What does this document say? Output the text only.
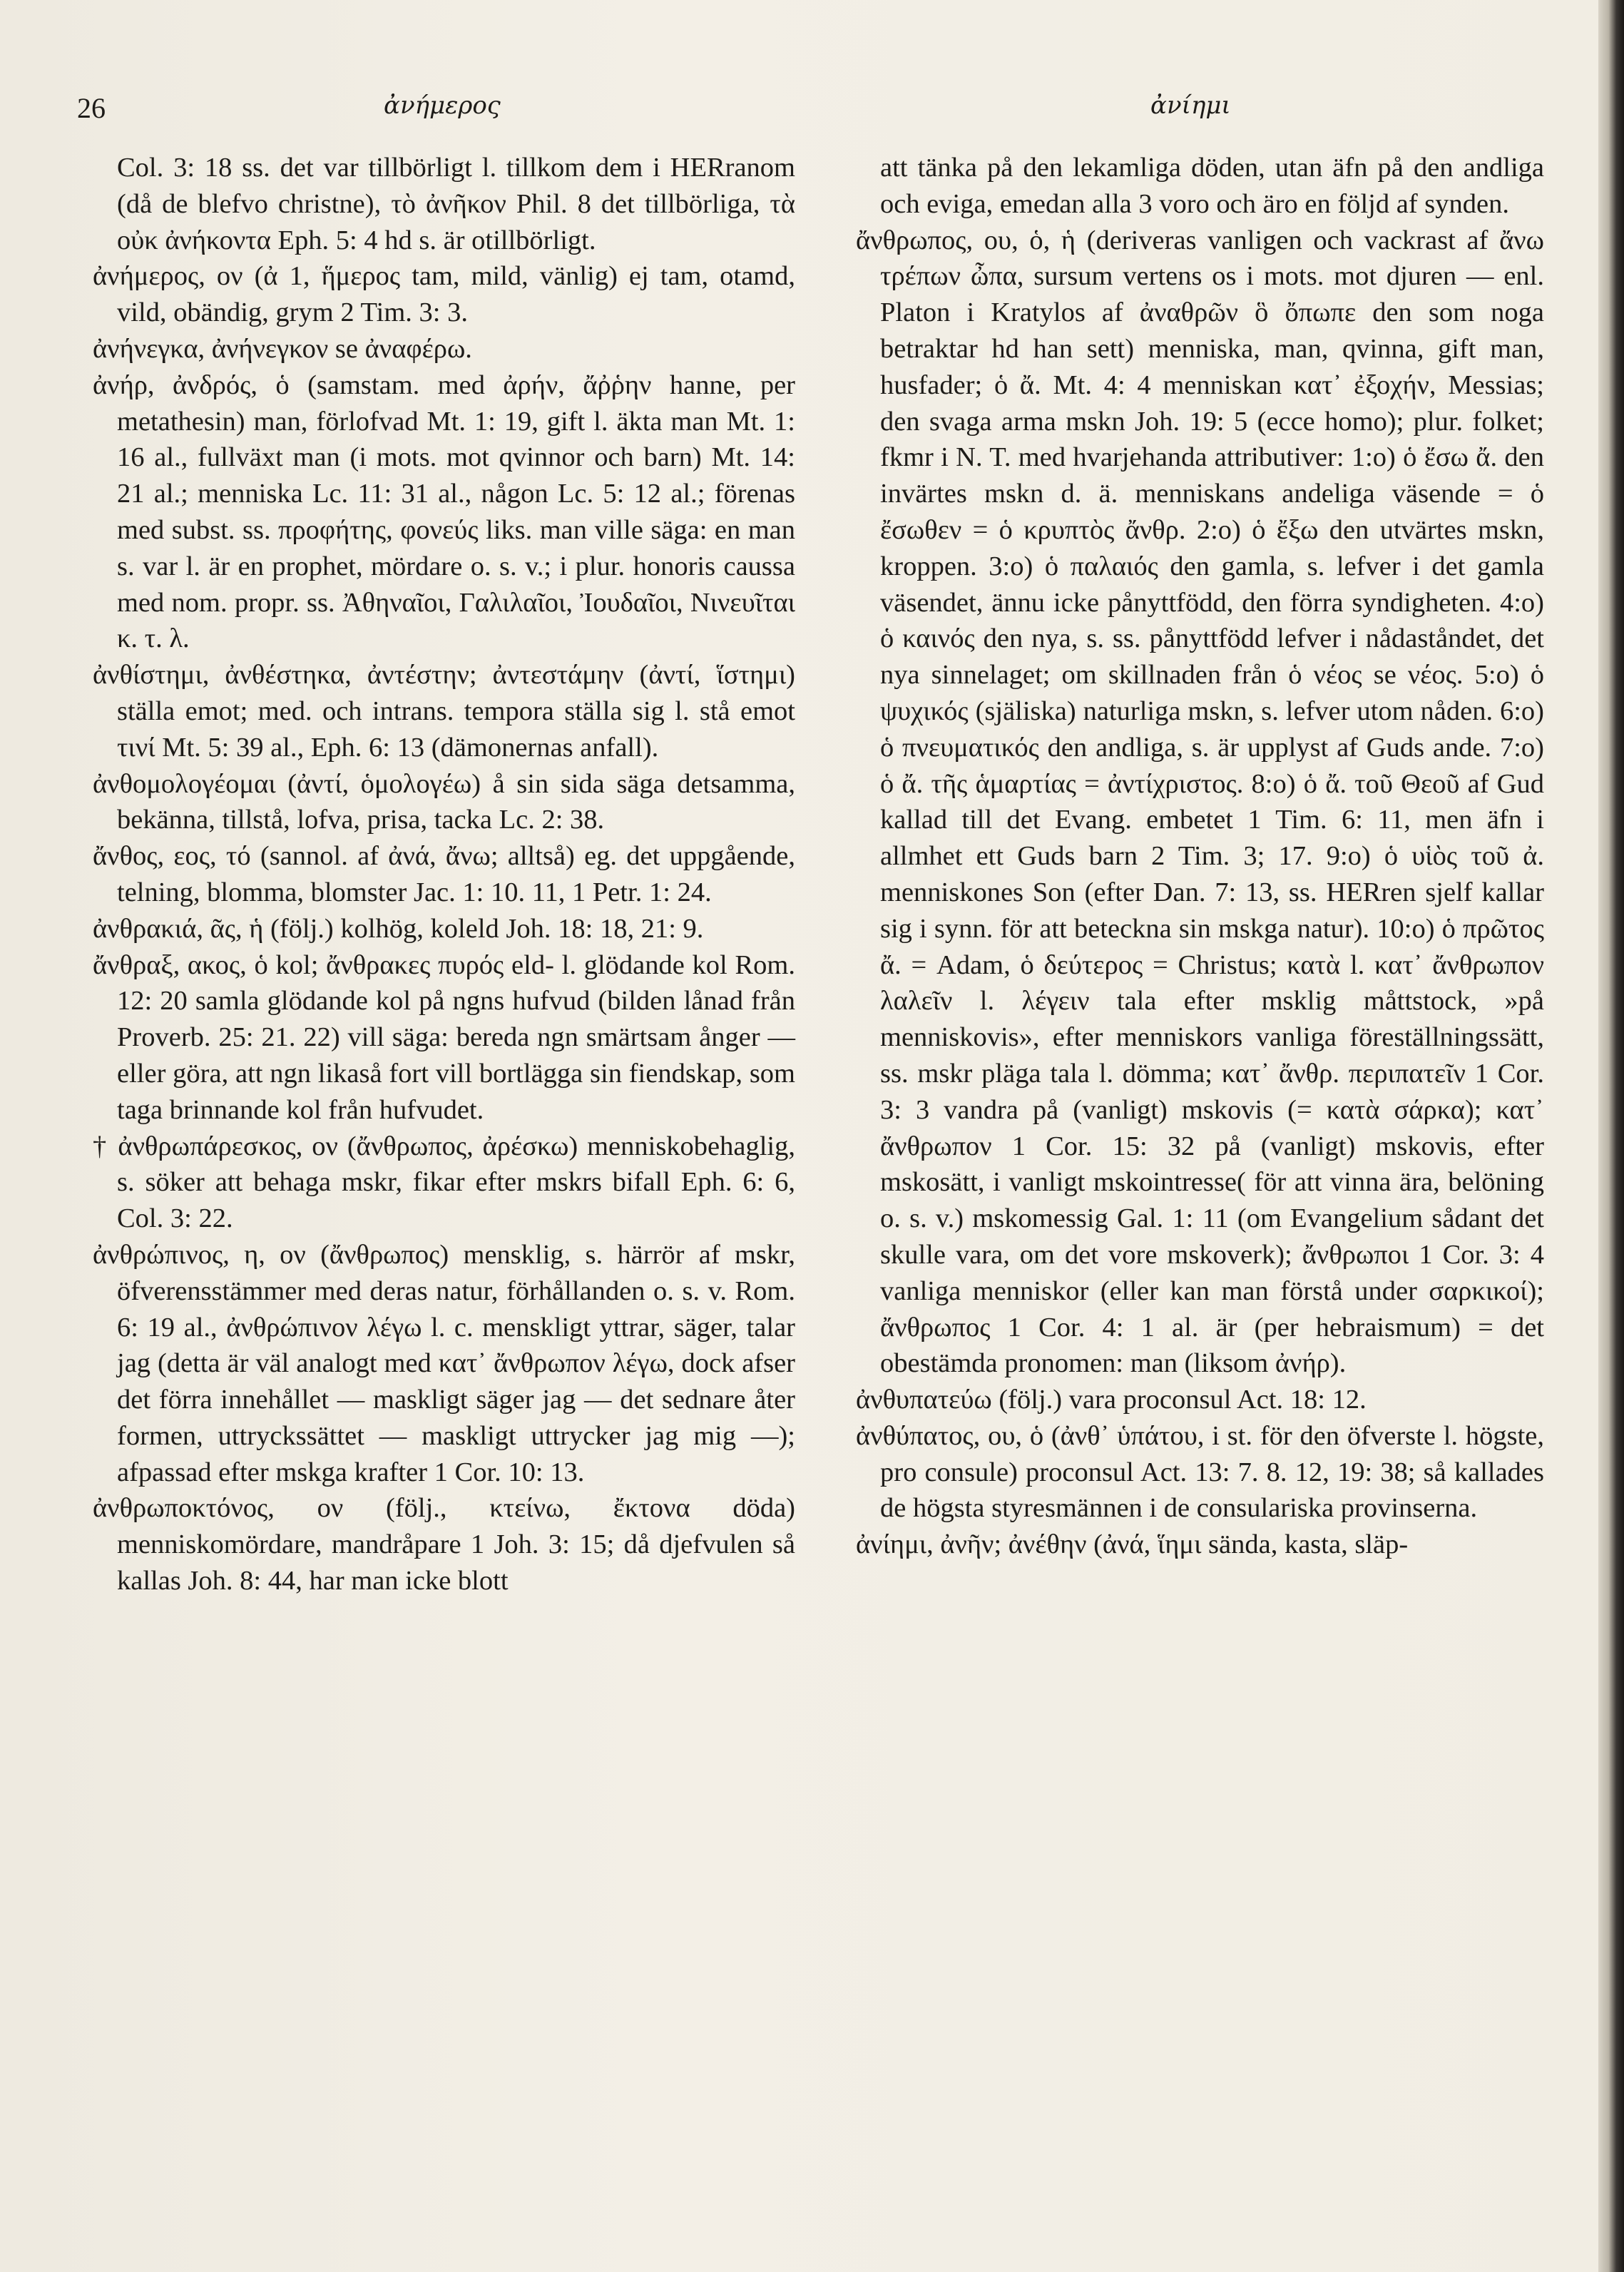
26	ἀνήμερος	ἀνίημι

Col. 3: 18 ss. det var tillbörligt l. tillkom dem i HERranom (då de blefvo christne), τὸ ἀνῆκον Phil. 8 det tillbörliga, τὰ οὐκ ἀνήκοντα Eph. 5: 4 hd s. är otillbörligt.

ἀνήμερος, ον (ἀ 1, ἥμερος tam, mild, vänlig) ej tam, otamd, vild, obändig, grym 2 Tim. 3: 3.

ἀνήνεγκα, ἀνήνεγκον se ἀναφέρω.

ἀνήρ, ἀνδρός, ὁ (samstam. med ἀρήν, ἄῤῥην hanne, per metathesin) man, förlofvad Mt. 1: 19, gift l. äkta man Mt. 1: 16 al., fullväxt man (i mots. mot qvinnor och barn) Mt. 14: 21 al.; menniska Lc. 11: 31 al., någon Lc. 5: 12 al.; förenas med subst. ss. προφήτης, φονεύς liks. man ville säga: en man s. var l. är en prophet, mördare o. s. v.; i plur. honoris caussa med nom. propr. ss. Ἀθηναῖοι, Γαλιλαῖοι, Ἰουδαῖοι, Νινευῖται κ. τ. λ.

ἀνθίστημι, ἀνθέστηκα, ἀντέστην; ἀντεστάμην (ἀντί, ἵστημι) ställa emot; med. och intrans. tempora ställa sig l. stå emot τινί Mt. 5: 39 al., Eph. 6: 13 (dämonernas anfall).

ἀνθομολογέομαι (ἀντί, ὁμολογέω) å sin sida säga detsamma, bekänna, tillstå, lofva, prisa, tacka Lc. 2: 38.

ἄνθος, εος, τό (sannol. af ἀνά, ἄνω; alltså) eg. det uppgående, telning, blomma, blomster Jac. 1: 10. 11, 1 Petr. 1: 24.

ἀνθρακιά, ᾶς, ἡ (följ.) kolhög, koleld Joh. 18: 18, 21: 9.

ἄνθραξ, ακος, ὁ kol; ἄνθρακες πυρός eld- l. glödande kol Rom. 12: 20 samla glödande kol på ngns hufvud (bilden lånad från Proverb. 25: 21. 22) vill säga: bereda ngn smärtsam ånger — eller göra, att ngn likaså fort vill bortlägga sin fiendskap, som taga brinnande kol från hufvudet.

† ἀνθρωπάρεσκος, ον (ἄνθρωπος, ἀρέσκω) menniskobehaglig, s. söker att behaga mskr, fikar efter mskrs bifall Eph. 6: 6, Col. 3: 22.

ἀνθρώπινος, η, ον (ἄνθρωπος) mensklig, s. härrör af mskr, öfverensstämmer med deras natur, förhållanden o. s. v. Rom. 6: 19 al., ἀνθρώπινον λέγω l. c. menskligt yttrar, säger, talar jag (detta är väl analogt med κατ᾽ ἄνθρωπον λέγω, dock afser det förra innehållet — maskligt säger jag — det sednare åter formen, uttryckssättet — maskligt uttrycker jag mig —); afpassad efter mskga krafter 1 Cor. 10: 13.

ἀνθρωποκτόνος, ον (följ., κτείνω, ἔκτονα döda) menniskomördare, mandråpare 1 Joh. 3: 15; då djefvulen så kallas Joh. 8: 44, har man icke blott

att tänka på den lekamliga döden, utan äfn på den andliga och eviga, emedan alla 3 voro och äro en följd af synden.

ἄνθρωπος, ου, ὁ, ἡ (deriveras vanligen och vackrast af ἄνω τρέπων ὦπα, sursum vertens os i mots. mot djuren — enl. Platon i Kratylos af ἀναθρῶν ὃ ὄπωπε den som noga betraktar hd han sett) menniska, man, qvinna, gift man, husfader; ὁ ἄ. Mt. 4: 4 menniskan κατ᾽ ἐξοχήν, Messias; den svaga arma mskn Joh. 19: 5 (ecce homo); plur. folket; fkmr i N. T. med hvarjehanda attributiver: 1:o) ὁ ἔσω ἄ. den invärtes mskn d. ä. menniskans andeliga väsende = ὁ ἔσωθεν = ὁ κρυπτὸς ἄνθρ. 2:o) ὁ ἔξω den utvärtes mskn, kroppen. 3:o) ὁ παλαιός den gamla, s. lefver i det gamla väsendet, ännu icke pånyttfödd, den förra syndigheten. 4:o) ὁ καινός den nya, s. ss. pånyttfödd lefver i nådaståndet, det nya sinnelaget; om skillnaden från ὁ νέος se νέος. 5:o) ὁ ψυχικός (själiska) naturliga mskn, s. lefver utom nåden. 6:o) ὁ πνευματικός den andliga, s. är upplyst af Guds ande. 7:o) ὁ ἄ. τῆς ἁμαρτίας = ἀντίχριστος. 8:o) ὁ ἄ. τοῦ Θεοῦ af Gud kallad till det Evang. embetet 1 Tim. 6: 11, men äfn i allmhet ett Guds barn 2 Tim. 3; 17. 9:o) ὁ υἱὸς τοῦ ἀ. menniskones Son (efter Dan. 7: 13, ss. HERren sjelf kallar sig i synn. för att beteckna sin mskga natur). 10:o) ὁ πρῶτος ἄ. = Adam, ὁ δεύτερος = Christus; κατὰ l. κατ᾽ ἄνθρωπον λαλεῖν l. λέγειν tala efter msklig måttstock, »på menniskovis», efter menniskors vanliga föreställningssätt, ss. mskr plägа tala l. dömma; κατ᾽ ἄνθρ. περιπατεῖν 1 Cor. 3: 3 vandra på (vanligt) mskovis (= κατὰ σάρκα); κατ᾽ ἄνθρωπον 1 Cor. 15: 32 på (vanligt) mskovis, efter mskosätt, i vanligt mskointresse( för att vinna ära, belöning o. s. v.) mskomessig Gal. 1: 11 (om Evangelium sådant det skulle vara, om det vore mskoverk); ἄνθρωποι 1 Cor. 3: 4 vanliga menniskor (eller kan man förstå under σαρκικοί); ἄνθρωπος 1 Cor. 4: 1 al. är (per hebraismum) = det obestämda pronomen: man (liksom ἀνήρ).

ἀνθυπατεύω (följ.) vara proconsul Act. 18: 12.

ἀνθύπατος, ου, ὁ (ἀνθ᾽ ὑπάτου, i st. för den öfverste l. högste, pro consule) proconsul Act. 13: 7. 8. 12, 19: 38; så kallades de högsta styresmännen i de consulariska provinserna.

ἀνίημι, ἀνῆν; ἀνέθην (ἀνά, ἵημι sända, kasta, släp-
